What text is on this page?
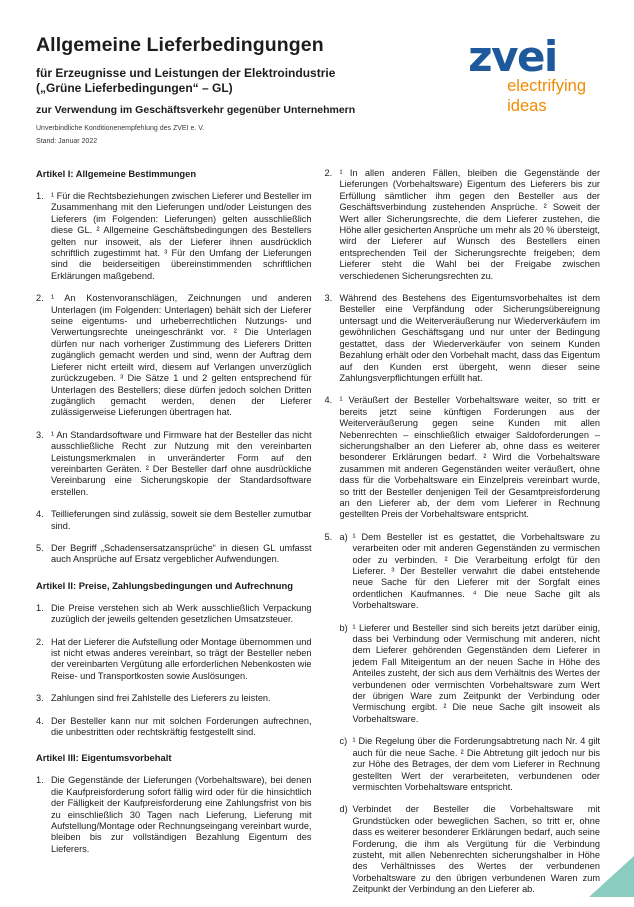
Allgemeine Lieferbedingungen

für Erzeugnisse und Leistungen der Elektroindustrie

(„Grüne Lieferbedingungen“ – GL)

zur Verwendung im Geschäftsverkehr gegenüber Unternehmern
Unverbindliche Konditionenempfehlung des ZVEI e. V.
Stand: Januar 2022
zvei
electrifying
ideas
Artikel I: Allgemeine Bestimmungen
1. ¹ Für die Rechtsbeziehungen zwischen Lieferer und Besteller im Zusammenhang mit den Lieferungen und/oder Leistungen des Lieferers (im Folgenden: Lieferungen) gelten ausschließlich diese GL. ² Allgemeine Geschäftsbedingungen des Bestellers gelten nur insoweit, als der Lieferer ihnen ausdrücklich schriftlich zugestimmt hat. ³ Für den Umfang der Lieferungen sind die beiderseitigen übereinstimmenden schriftlichen Erklärungen maßgebend.
2. ¹ An Kostenvoranschlägen, Zeichnungen und anderen Unterlagen (im Folgenden: Unterlagen) behält sich der Lieferer seine eigentums- und urheberrechtlichen Nutzungs- und Verwertungsrechte uneingeschränkt vor. ² Die Unterlagen dürfen nur nach vorheriger Zustimmung des Lieferers Dritten zugänglich gemacht werden und sind, wenn der Auftrag dem Lieferer nicht erteilt wird, diesem auf Verlangen unverzüglich zurückzugeben. ³ Die Sätze 1 und 2 gelten entsprechend für Unterlagen des Bestellers; diese dürfen jedoch solchen Dritten zugänglich gemacht werden, denen der Lieferer zulässigerweise Lieferungen übertragen hat.
3. ¹ An Standardsoftware und Firmware hat der Besteller das nicht ausschließliche Recht zur Nutzung mit den vereinbarten Leistungsmerkmalen in unveränderter Form auf den vereinbarten Geräten. ² Der Besteller darf ohne ausdrückliche Vereinbarung eine Sicherungskopie der Standardsoftware erstellen.
4. Teillieferungen sind zulässig, soweit sie dem Besteller zumutbar sind.
5. Der Begriff „Schadensersatzansprüche“ in diesen GL umfasst auch Ansprüche auf Ersatz vergeblicher Aufwendungen.
Artikel II: Preise, Zahlungsbedingungen und Aufrechnung
1. Die Preise verstehen sich ab Werk ausschließlich Verpackung zuzüglich der jeweils geltenden gesetzlichen Umsatzsteuer.
2. Hat der Lieferer die Aufstellung oder Montage übernommen und ist nicht etwas anderes vereinbart, so trägt der Besteller neben der vereinbarten Vergütung alle erforderlichen Nebenkosten wie Reise- und Transportkosten sowie Auslösungen.
3. Zahlungen sind frei Zahlstelle des Lieferers zu leisten.
4. Der Besteller kann nur mit solchen Forderungen aufrechnen, die unbestritten oder rechtskräftig festgestellt sind.
Artikel III: Eigentumsvorbehalt
1. Die Gegenstände der Lieferungen (Vorbehaltsware), bei denen die Kaufpreisforderung sofort fällig wird oder für die hinsichtlich der Fälligkeit der Kaufpreisforderung eine Zahlungsfrist von bis zu einschließlich 30 Tagen nach Lieferung, Lieferung mit Aufstellung/Montage oder Rechnungseingang vereinbart wurde, bleiben bis zur vollständigen Bezahlung Eigentum des Lieferers.
2. ¹ In allen anderen Fällen, bleiben die Gegenstände der Lieferungen (Vorbehaltsware) Eigentum des Lieferers bis zur Erfüllung sämtlicher ihm gegen den Besteller aus der Geschäftsverbindung zustehenden Ansprüche. ² Soweit der Wert aller Sicherungsrechte, die dem Lieferer zustehen, die Höhe aller gesicherten Ansprüche um mehr als 20 % übersteigt, wird der Lieferer auf Wunsch des Bestellers einen entsprechenden Teil der Sicherungsrechte freigeben; dem Lieferer steht die Wahl bei der Freigabe zwischen verschiedenen Sicherungsrechten zu.
3. Während des Bestehens des Eigentumsvorbehaltes ist dem Besteller eine Verpfändung oder Sicherungsübereignung untersagt und die Weiterveräußerung nur Wiederverkäufern im gewöhnlichen Geschäftsgang und nur unter der Bedingung gestattet, dass der Wiederverkäufer von seinem Kunden Bezahlung erhält oder den Vorbehalt macht, dass das Eigentum auf den Kunden erst übergeht, wenn dieser seine Zahlungsverpflichtungen erfüllt hat.
4. ¹ Veräußert der Besteller Vorbehaltsware weiter, so tritt er bereits jetzt seine künftigen Forderungen aus der Weiterveräußerung gegen seine Kunden mit allen Nebenrechten – einschließlich etwaiger Saldoforderungen – sicherungshalber an den Lieferer ab, ohne dass es weiterer besonderer Erklärungen bedarf. ² Wird die Vorbehaltsware zusammen mit anderen Gegenständen weiter veräußert, ohne dass für die Vorbehaltsware ein Einzelpreis vereinbart wurde, so tritt der Besteller denjenigen Teil der Gesamtpreisforderung an den Lieferer ab, der dem vom Lieferer in Rechnung gestellten Preis der Vorbehaltsware entspricht.
5. a) ¹ Dem Besteller ist es gestattet, die Vorbehaltsware zu verarbeiten oder mit anderen Gegenständen zu vermischen oder zu verbinden. ² Die Verarbeitung erfolgt für den Lieferer. ³ Der Besteller verwahrt die dabei entstehende neue Sache für den Lieferer mit der Sorgfalt eines ordentlichen Kaufmannes. ⁴ Die neue Sache gilt als Vorbehaltsware.
b) ¹ Lieferer und Besteller sind sich bereits jetzt darüber einig, dass bei Verbindung oder Vermischung mit anderen, nicht dem Lieferer gehörenden Gegenständen dem Lieferer in jedem Fall Miteigentum an der neuen Sache in Höhe des Anteiles zusteht, der sich aus dem Verhältnis des Wertes der verbundenen oder vermischten Vorbehaltsware zum Wert der übrigen Ware zum Zeitpunkt der Verbindung oder Vermischung ergibt. ² Die neue Sache gilt insoweit als Vorbehaltsware.
c) ¹ Die Regelung über die Forderungsabtretung nach Nr. 4 gilt auch für die neue Sache. ² Die Abtretung gilt jedoch nur bis zur Höhe des Betrages, der dem vom Lieferer in Rechnung gestellten Wert der verarbeiteten, verbundenen oder vermischten Vorbehaltsware entspricht.
d) Verbindet der Besteller die Vorbehaltsware mit Grundstücken oder beweglichen Sachen, so tritt er, ohne dass es weiterer besonderer Erklärungen bedarf, auch seine Forderung, die ihm als Vergütung für die Verbindung zusteht, mit allen Nebenrechten sicherungshalber in Höhe des Verhältnisses des Wertes der verbundenen Vorbehaltsware zu den übrigen verbundenen Waren zum Zeitpunkt der Verbindung an den Lieferer ab.
